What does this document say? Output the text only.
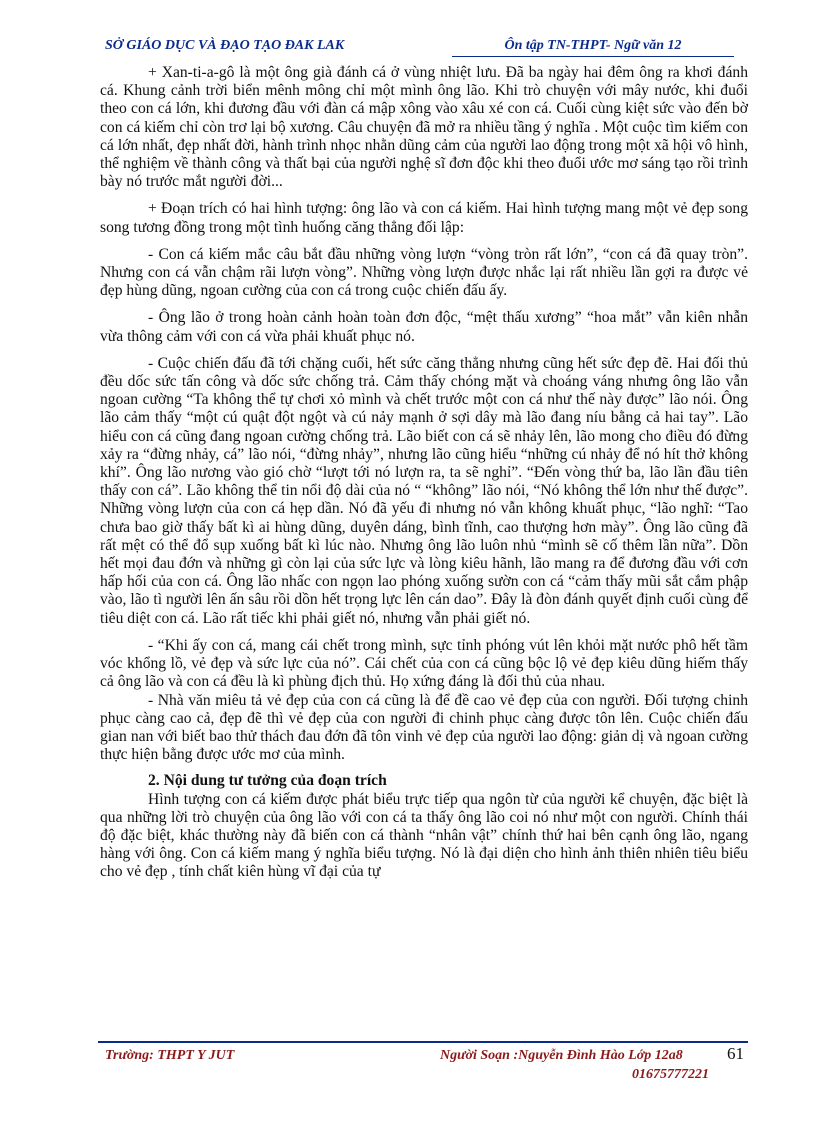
SỞ GIÁO DỤC VÀ ĐẠO TẠO ĐAK LAK	Ôn tập TN-THPT- Ngữ văn 12

+ Xan-ti-a-gô là một ông già đánh cá ở vùng nhiệt lưu. Đã ba ngày hai đêm ông ra khơi đánh cá. Khung cảnh trời biển mênh mông chỉ một mình ông lão. Khi trò chuyện với mây nước, khi đuổi theo con cá lớn, khi đương đầu với đàn cá mập xông vào xâu xé con cá. Cuối cùng kiệt sức vào đến bờ con cá kiếm chỉ còn trơ lại bộ xương. Câu chuyện đã mở ra nhiều tầng ý nghĩa . Một cuộc tìm kiếm con cá lớn nhất, đẹp nhất đời, hành trình nhọc nhằn dũng cảm của người lao động trong một xã hội vô hình, thể nghiệm về thành công và thất bại của người nghệ sĩ đơn độc khi theo đuổi ước mơ sáng tạo rồi trình bày nó trước mắt người đời...

+ Đoạn trích có hai hình tượng: ông lão và con cá kiếm. Hai hình tượng mang một vẻ đẹp song song tương đồng trong một tình huống căng thẳng đối lập:

- Con cá kiếm mắc câu bắt đầu những vòng lượn “vòng tròn rất lớn”, “con cá đã quay tròn”. Nhưng con cá vẫn chậm rãi lượn vòng”. Những vòng lượn được nhắc lại rất nhiều lần gợi ra được vẻ đẹp hùng dũng, ngoan cường của con cá trong cuộc chiến đấu ấy.

- Ông lão ở trong hoàn cảnh hoàn toàn đơn độc, “mệt thấu xương” “hoa mắt” vẫn kiên nhẫn vừa thông cảm với con cá vừa phải khuất phục nó.

- Cuộc chiến đấu đã tới chặng cuối, hết sức căng thẳng nhưng cũng hết sức đẹp đẽ. Hai đối thủ đều dốc sức tấn công và dốc sức chống trả. Cảm thấy chóng mặt và choáng váng nhưng ông lão vẫn ngoan cường “Ta không thể tự chơi xỏ mình và chết trước một con cá như thế này được” lão nói. Ông lão cảm thấy “một cú quật đột ngột và cú nảy mạnh ở sợi dây mà lão đang níu bằng cả hai tay”. Lão hiểu con cá cũng đang ngoan cường chống trả. Lão biết con cá sẽ nhảy lên, lão mong cho điều đó đừng xảy ra “đừng nhảy, cá” lão nói, “đừng nhảy”, nhưng lão cũng hiểu “những cú nhảy để nó hít thở không khí”. Ông lão nương vào gió chờ “lượt tới nó lượn ra, ta sẽ nghỉ”. “Đến vòng thứ ba, lão lần đầu tiên thấy con cá”. Lão không thể tin nổi độ dài của nó “ “không” lão nói, “Nó không thể lớn như thế được”. Những vòng lượn của con cá hẹp dần. Nó đã yếu đi nhưng nó vẫn không khuất phục, “lão nghĩ: “Tao chưa bao giờ thấy bất kì ai hùng dũng, duyên dáng, bình tĩnh, cao thượng hơn mày”. Ông lão cũng đã rất mệt có thể đổ sụp xuống bất kì lúc nào. Nhưng ông lão luôn nhủ “mình sẽ cố thêm lần nữa”. Dồn hết mọi đau đớn và những gì còn lại của sức lực và lòng kiêu hãnh, lão mang ra để đương đầu với cơn hấp hối của con cá. Ông lão nhấc con ngọn lao phóng xuống sườn con cá “cảm thấy mũi sắt cắm phập vào, lão tì người lên ấn sâu rồi dồn hết trọng lực lên cán dao”. Đây là đòn đánh quyết định cuối cùng để tiêu diệt con cá. Lão rất tiếc khi phải giết nó, nhưng vẫn phải giết nó.

- “Khi ấy con cá, mang cái chết trong mình, sực tỉnh phóng vút lên khỏi mặt nước phô hết tầm vóc khổng lồ, vẻ đẹp và sức lực của nó”. Cái chết của con cá cũng bộc lộ vẻ đẹp kiêu dũng hiếm thấy cả ông lão và con cá đều là kì phùng địch thủ. Họ xứng đáng là đối thủ của nhau.

- Nhà văn miêu tả vẻ đẹp của con cá cũng là để đề cao vẻ đẹp của con người. Đối tượng chinh phục càng cao cả, đẹp đẽ thì vẻ đẹp của con người đi chinh phục càng được tôn lên. Cuộc chiến đấu gian nan với biết bao thử thách đau đớn đã tôn vinh vẻ đẹp của người lao động: giản dị và ngoan cường thực hiện bằng được ước mơ của mình.

2. Nội dung tư tưởng của đoạn trích

Hình tượng con cá kiếm được phát biểu trực tiếp qua ngôn từ của người kể chuyện, đặc biệt là qua những lời trò chuyện của ông lão với con cá ta thấy ông lão coi nó như một con người. Chính thái độ đặc biệt, khác thường này đã biến con cá thành “nhân vật” chính thứ hai bên cạnh ông lão, ngang hàng với ông. Con cá kiếm mang ý nghĩa biểu tượng. Nó là đại diện cho hình ảnh thiên nhiên tiêu biểu cho vẻ đẹp , tính chất kiên hùng vĩ đại của tự

Trường: THPT Y JUT	Người Soạn :Nguyễn Đình Hào Lớp 12a8
01675777221
61
